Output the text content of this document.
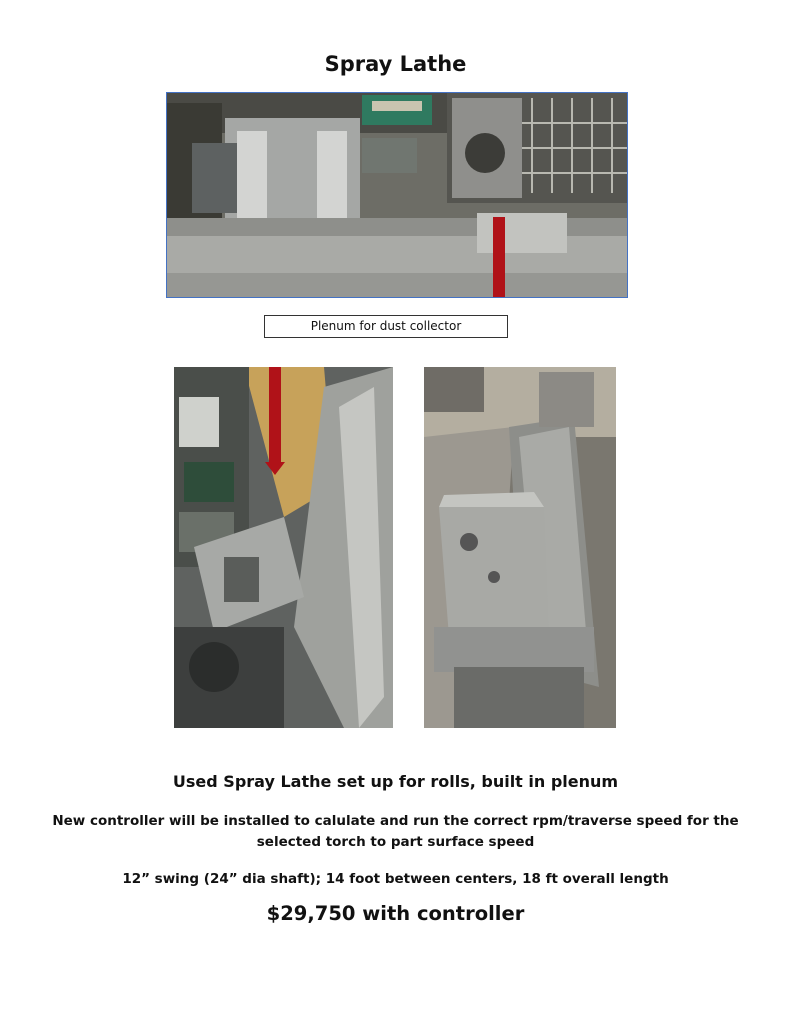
Spray Lathe
Plenum for dust collector
Used Spray Lathe set up for rolls, built in plenum
New controller will be installed to calulate and run the correct rpm/traverse speed for the selected torch to part surface speed
12” swing (24” dia shaft); 14 foot between centers, 18 ft overall length
$29,750 with controller
